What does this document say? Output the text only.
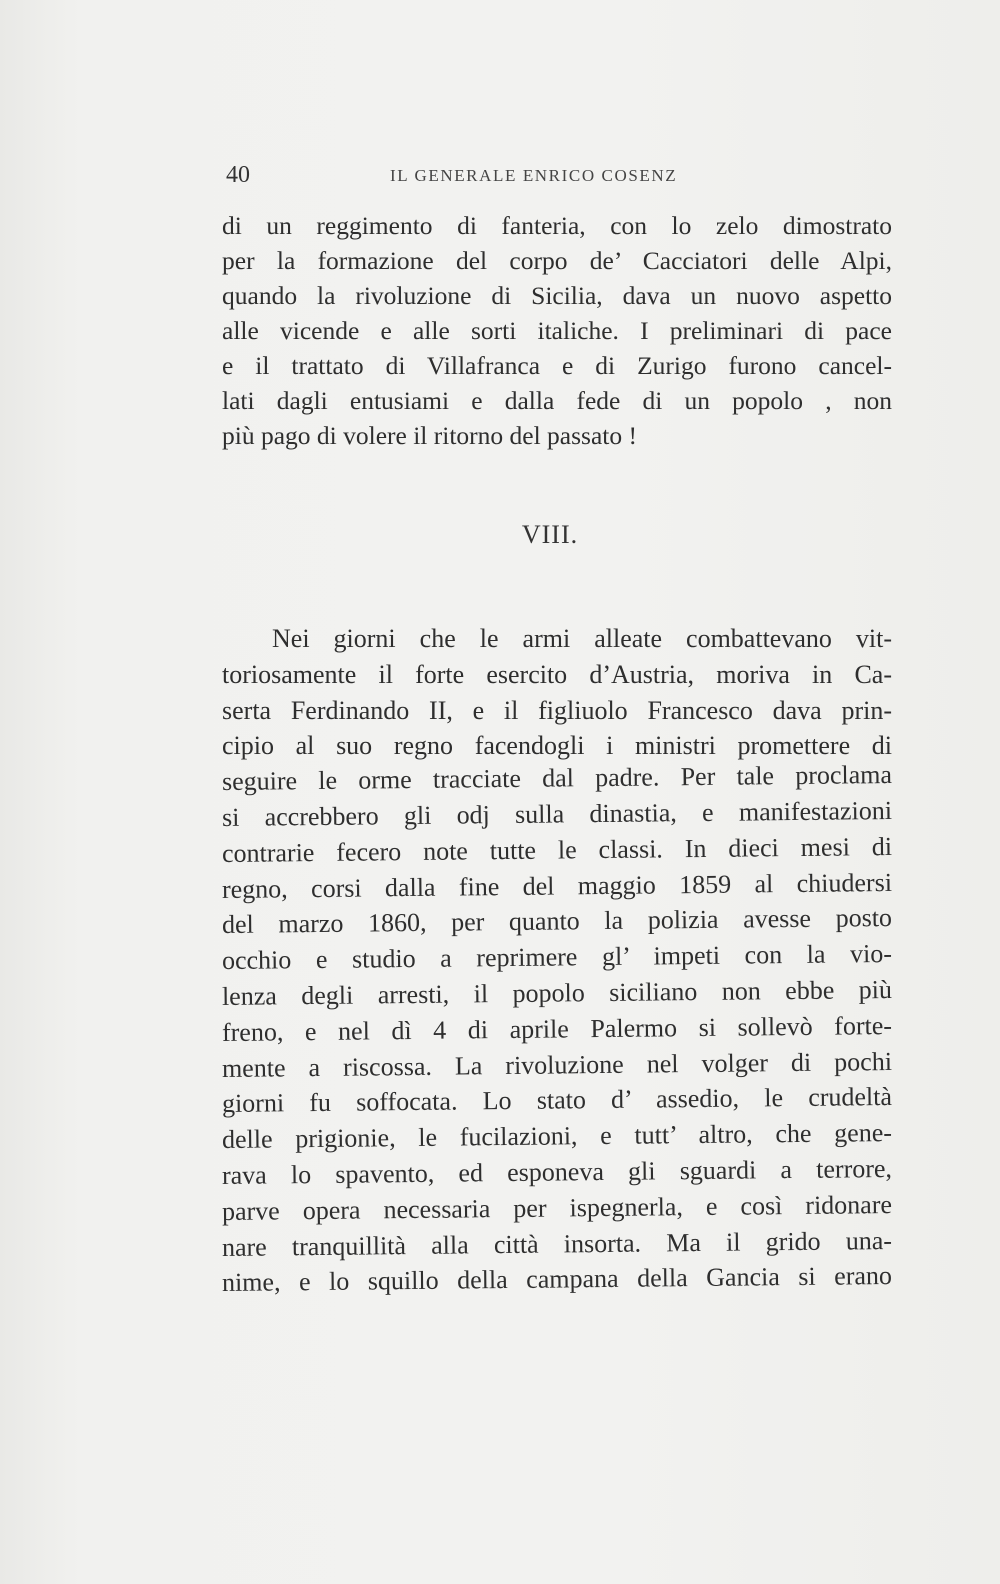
40	IL GENERALE ENRICO COSENZ
di un reggimento di fanteria, con lo zelo dimostrato
per la formazione del corpo de’ Cacciatori delle Alpi,
quando la rivoluzione di Sicilia, dava un nuovo aspetto
alle vicende e alle sorti italiche. I preliminari di pace
e il trattato di Villafranca e di Zurigo furono cancel-
lati dagli entusiami e dalla fede di un popolo , non
più pago di volere il ritorno del passato !
VIII.
Nei giorni che le armi alleate combattevano vit-
toriosamente il forte esercito d’Austria, moriva in Ca-
serta Ferdinando II, e il figliuolo Francesco dava prin-
cipio al suo regno facendogli i ministri promettere di
seguire le orme tracciate dal padre. Per tale proclama
si accrebbero gli odj sulla dinastia, e manifestazioni
contrarie fecero note tutte le classi. In dieci mesi di
regno, corsi dalla fine del maggio 1859 al chiudersi
del marzo 1860, per quanto la polizia avesse posto
occhio e studio a reprimere gl’ impeti con la vio-
lenza degli arresti, il popolo siciliano non ebbe più
freno, e nel dì 4 di aprile Palermo si sollevò forte-
mente a riscossa. La rivoluzione nel volger di pochi
giorni fu soffocata. Lo stato d’ assedio, le crudeltà
delle prigionie, le fucilazioni, e tutt’ altro, che gene-
rava lo spavento, ed esponeva gli sguardi a terrore,
parve opera necessaria per ispegnerla, e così ridonare
nare tranquillità alla città insorta. Ma il grido una-
nime, e lo squillo della campana della Gancia si erano
